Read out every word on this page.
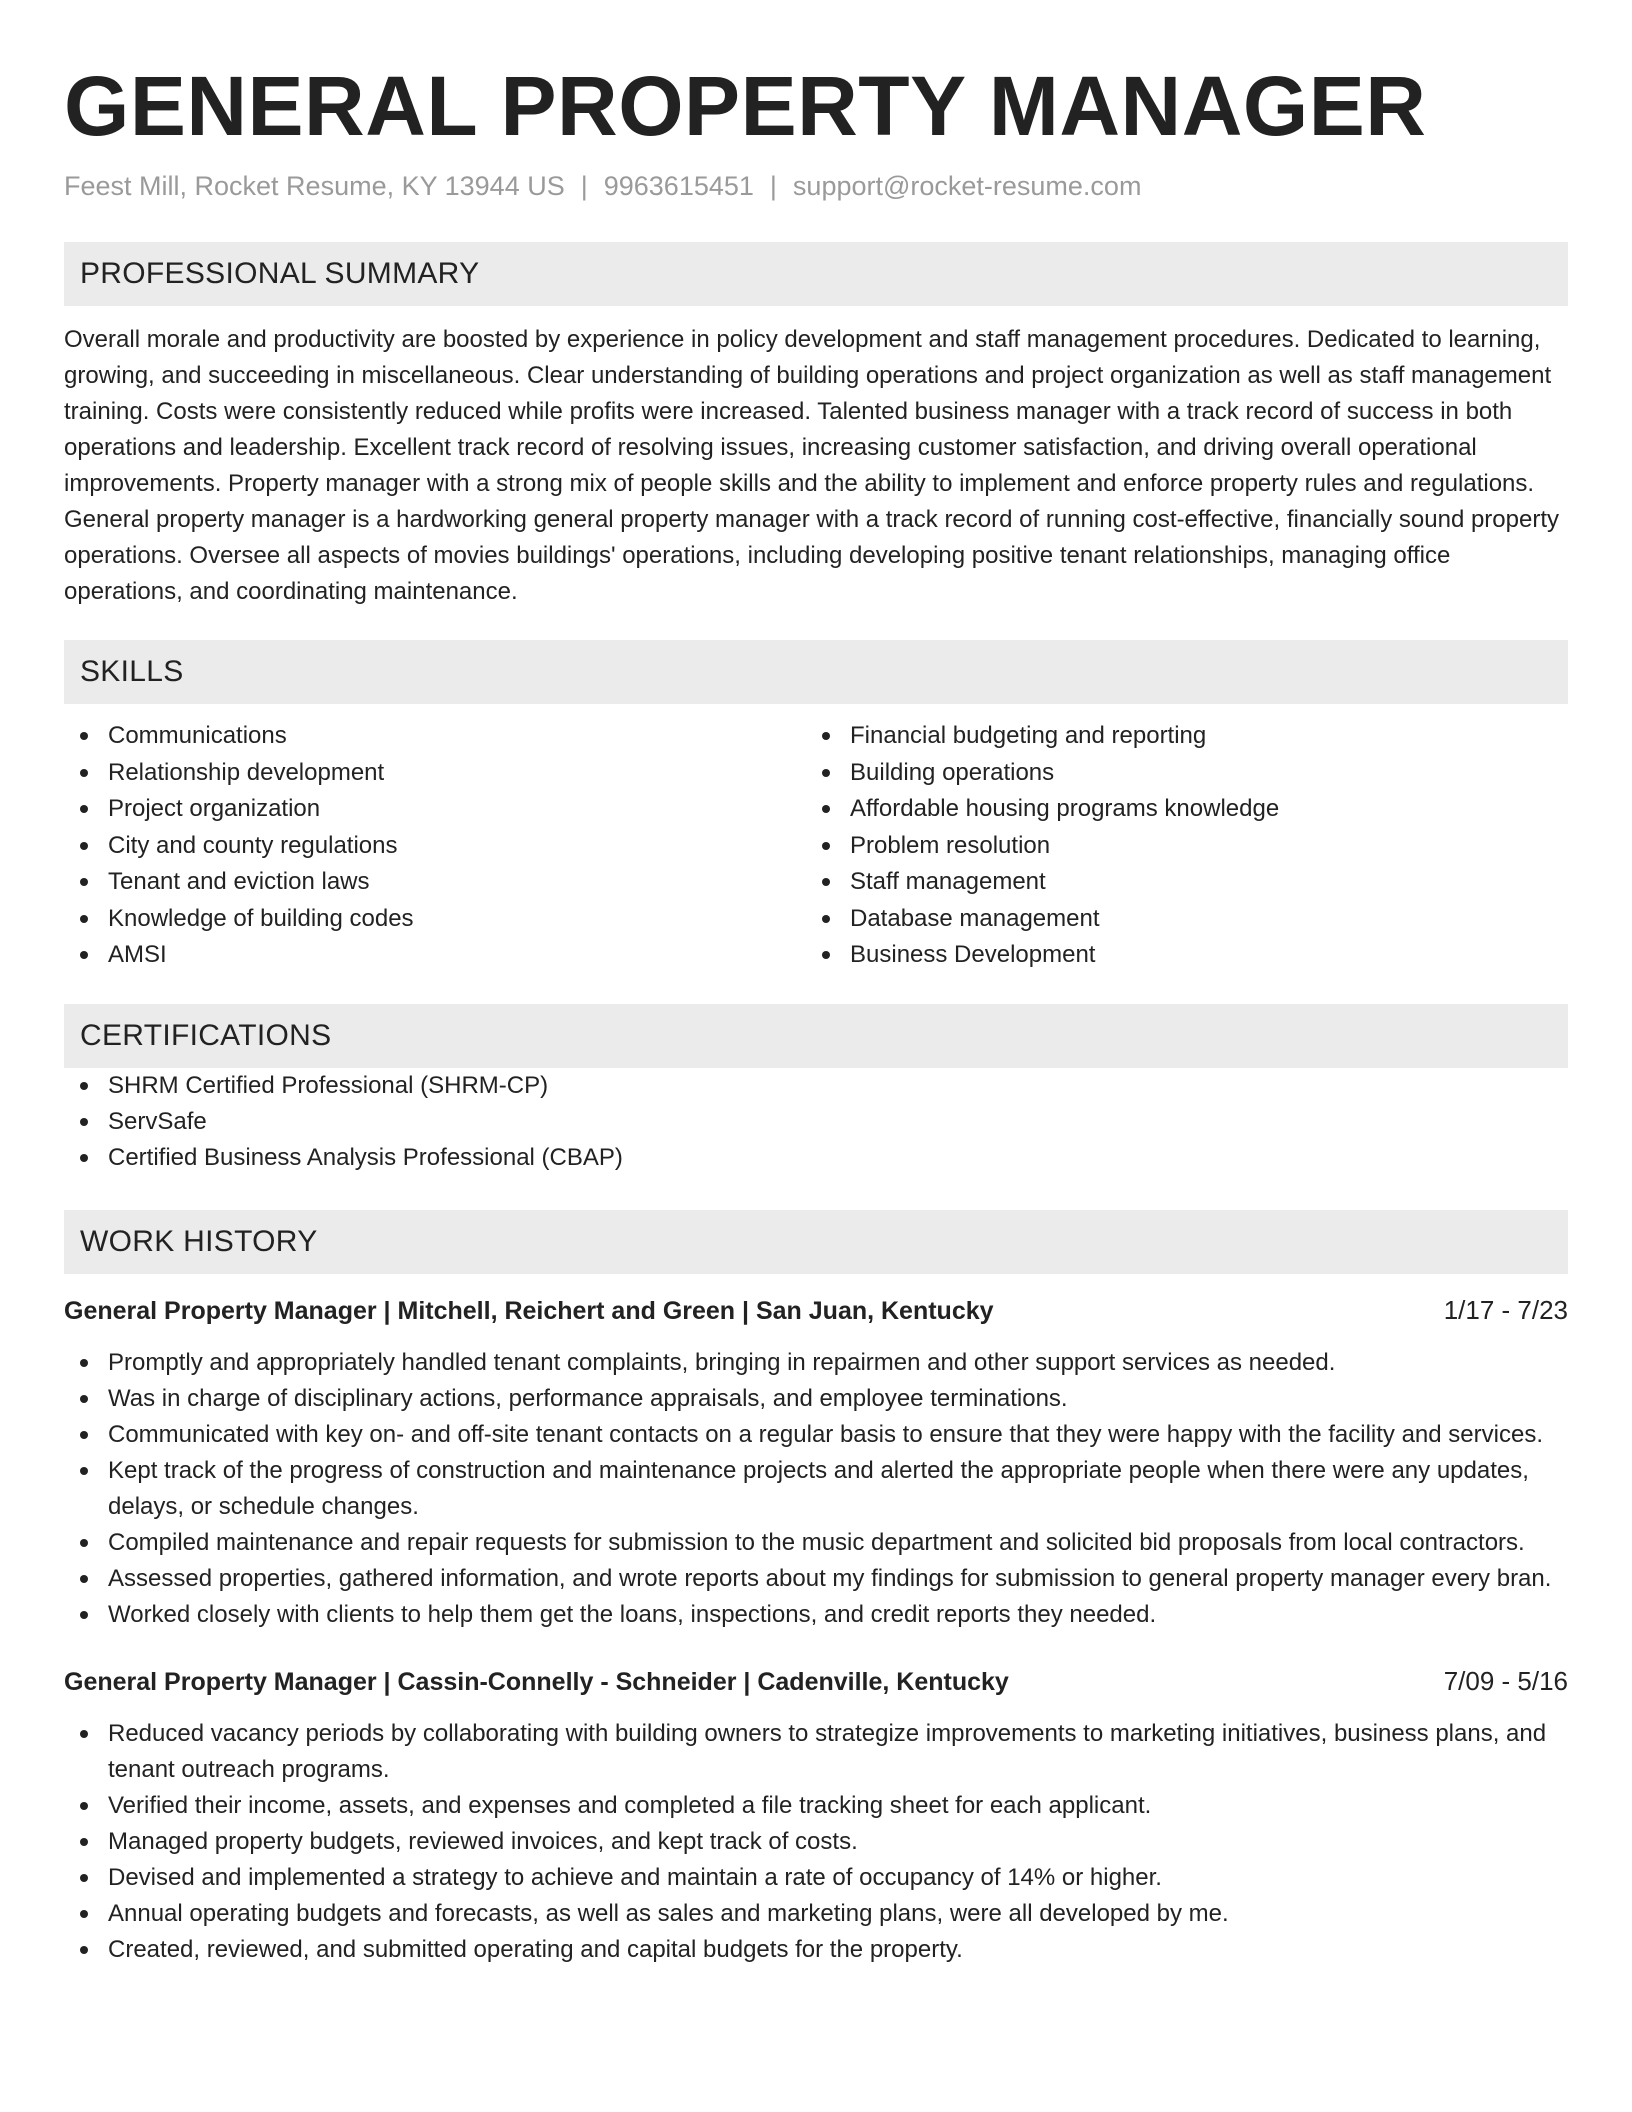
GENERAL PROPERTY MANAGER
Feest Mill, Rocket Resume, KY 13944 US | 9963615451 | support@rocket-resume.com
PROFESSIONAL SUMMARY

Overall morale and productivity are boosted by experience in policy development and staff management procedures. Dedicated to learning, growing, and succeeding in miscellaneous. Clear understanding of building operations and project organization as well as staff management training. Costs were consistently reduced while profits were increased. Talented business manager with a track record of success in both operations and leadership. Excellent track record of resolving issues, increasing customer satisfaction, and driving overall operational improvements. Property manager with a strong mix of people skills and the ability to implement and enforce property rules and regulations. General property manager is a hardworking general property manager with a track record of running cost-effective, financially sound property operations. Oversee all aspects of movies buildings' operations, including developing positive tenant relationships, managing office operations, and coordinating maintenance.

SKILLS
Communications
Relationship development
Project organization
City and county regulations
Tenant and eviction laws
Knowledge of building codes
AMSI
Financial budgeting and reporting
Building operations
Affordable housing programs knowledge
Problem resolution
Staff management
Database management
Business Development
CERTIFICATIONS
SHRM Certified Professional (SHRM-CP)
ServSafe
Certified Business Analysis Professional (CBAP)
WORK HISTORY
General Property Manager | Mitchell, Reichert and Green | San Juan, Kentucky	1/17 - 7/23
Promptly and appropriately handled tenant complaints, bringing in repairmen and other support services as needed.
Was in charge of disciplinary actions, performance appraisals, and employee terminations.
Communicated with key on- and off-site tenant contacts on a regular basis to ensure that they were happy with the facility and services.
Kept track of the progress of construction and maintenance projects and alerted the appropriate people when there were any updates, delays, or schedule changes.
Compiled maintenance and repair requests for submission to the music department and solicited bid proposals from local contractors.
Assessed properties, gathered information, and wrote reports about my findings for submission to general property manager every bran.
Worked closely with clients to help them get the loans, inspections, and credit reports they needed.
General Property Manager | Cassin-Connelly - Schneider | Cadenville, Kentucky	7/09 - 5/16
Reduced vacancy periods by collaborating with building owners to strategize improvements to marketing initiatives, business plans, and tenant outreach programs.
Verified their income, assets, and expenses and completed a file tracking sheet for each applicant.
Managed property budgets, reviewed invoices, and kept track of costs.
Devised and implemented a strategy to achieve and maintain a rate of occupancy of 14% or higher.
Annual operating budgets and forecasts, as well as sales and marketing plans, were all developed by me.
Created, reviewed, and submitted operating and capital budgets for the property.
